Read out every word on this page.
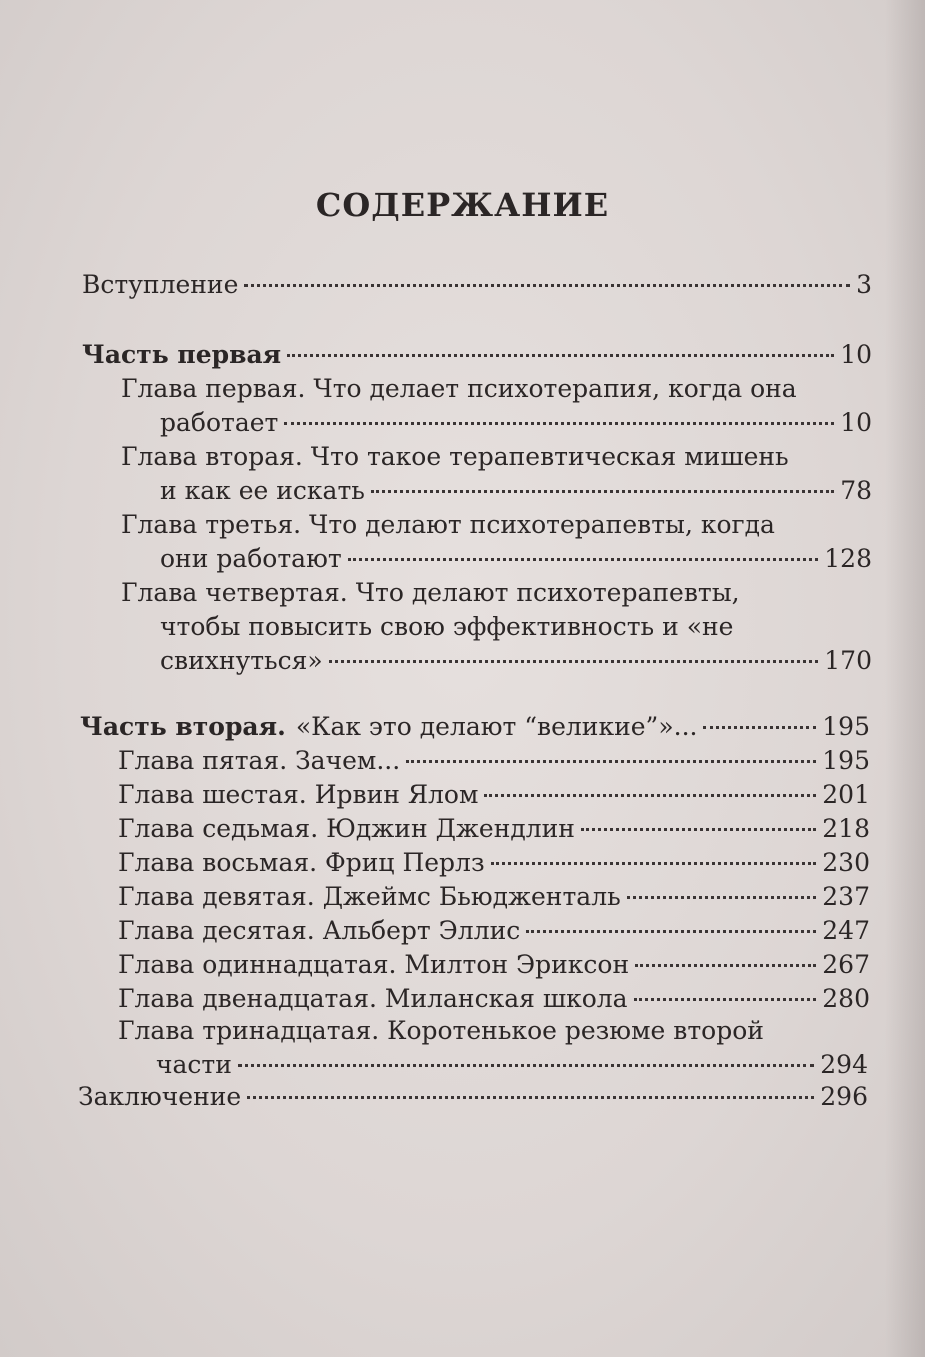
СОДЕРЖАНИЕ
Вступление	3
Часть первая	10
Глава первая. Что делает психотерапия, когда она
работает	10
Глава вторая. Что такое терапевтическая мишень
и как ее искать	78
Глава третья. Что делают психотерапевты, когда
они работают	128
Глава четвертая. Что делают психотерапевты,
чтобы повысить свою эффективность и «не
свихнуться»	170
Часть вторая. «Как это делают “великие”»...	195
Глава пятая. Зачем...	195
Глава шестая. Ирвин Ялом	201
Глава седьмая. Юджин Джендлин	218
Глава восьмая. Фриц Перлз	230
Глава девятая. Джеймс Бьюдженталь	237
Глава десятая. Альберт Эллис	247
Глава одиннадцатая. Милтон Эриксон	267
Глава двенадцатая. Миланская школа	280
Глава тринадцатая. Коротенькое резюме второй
части	294
Заключение	296
